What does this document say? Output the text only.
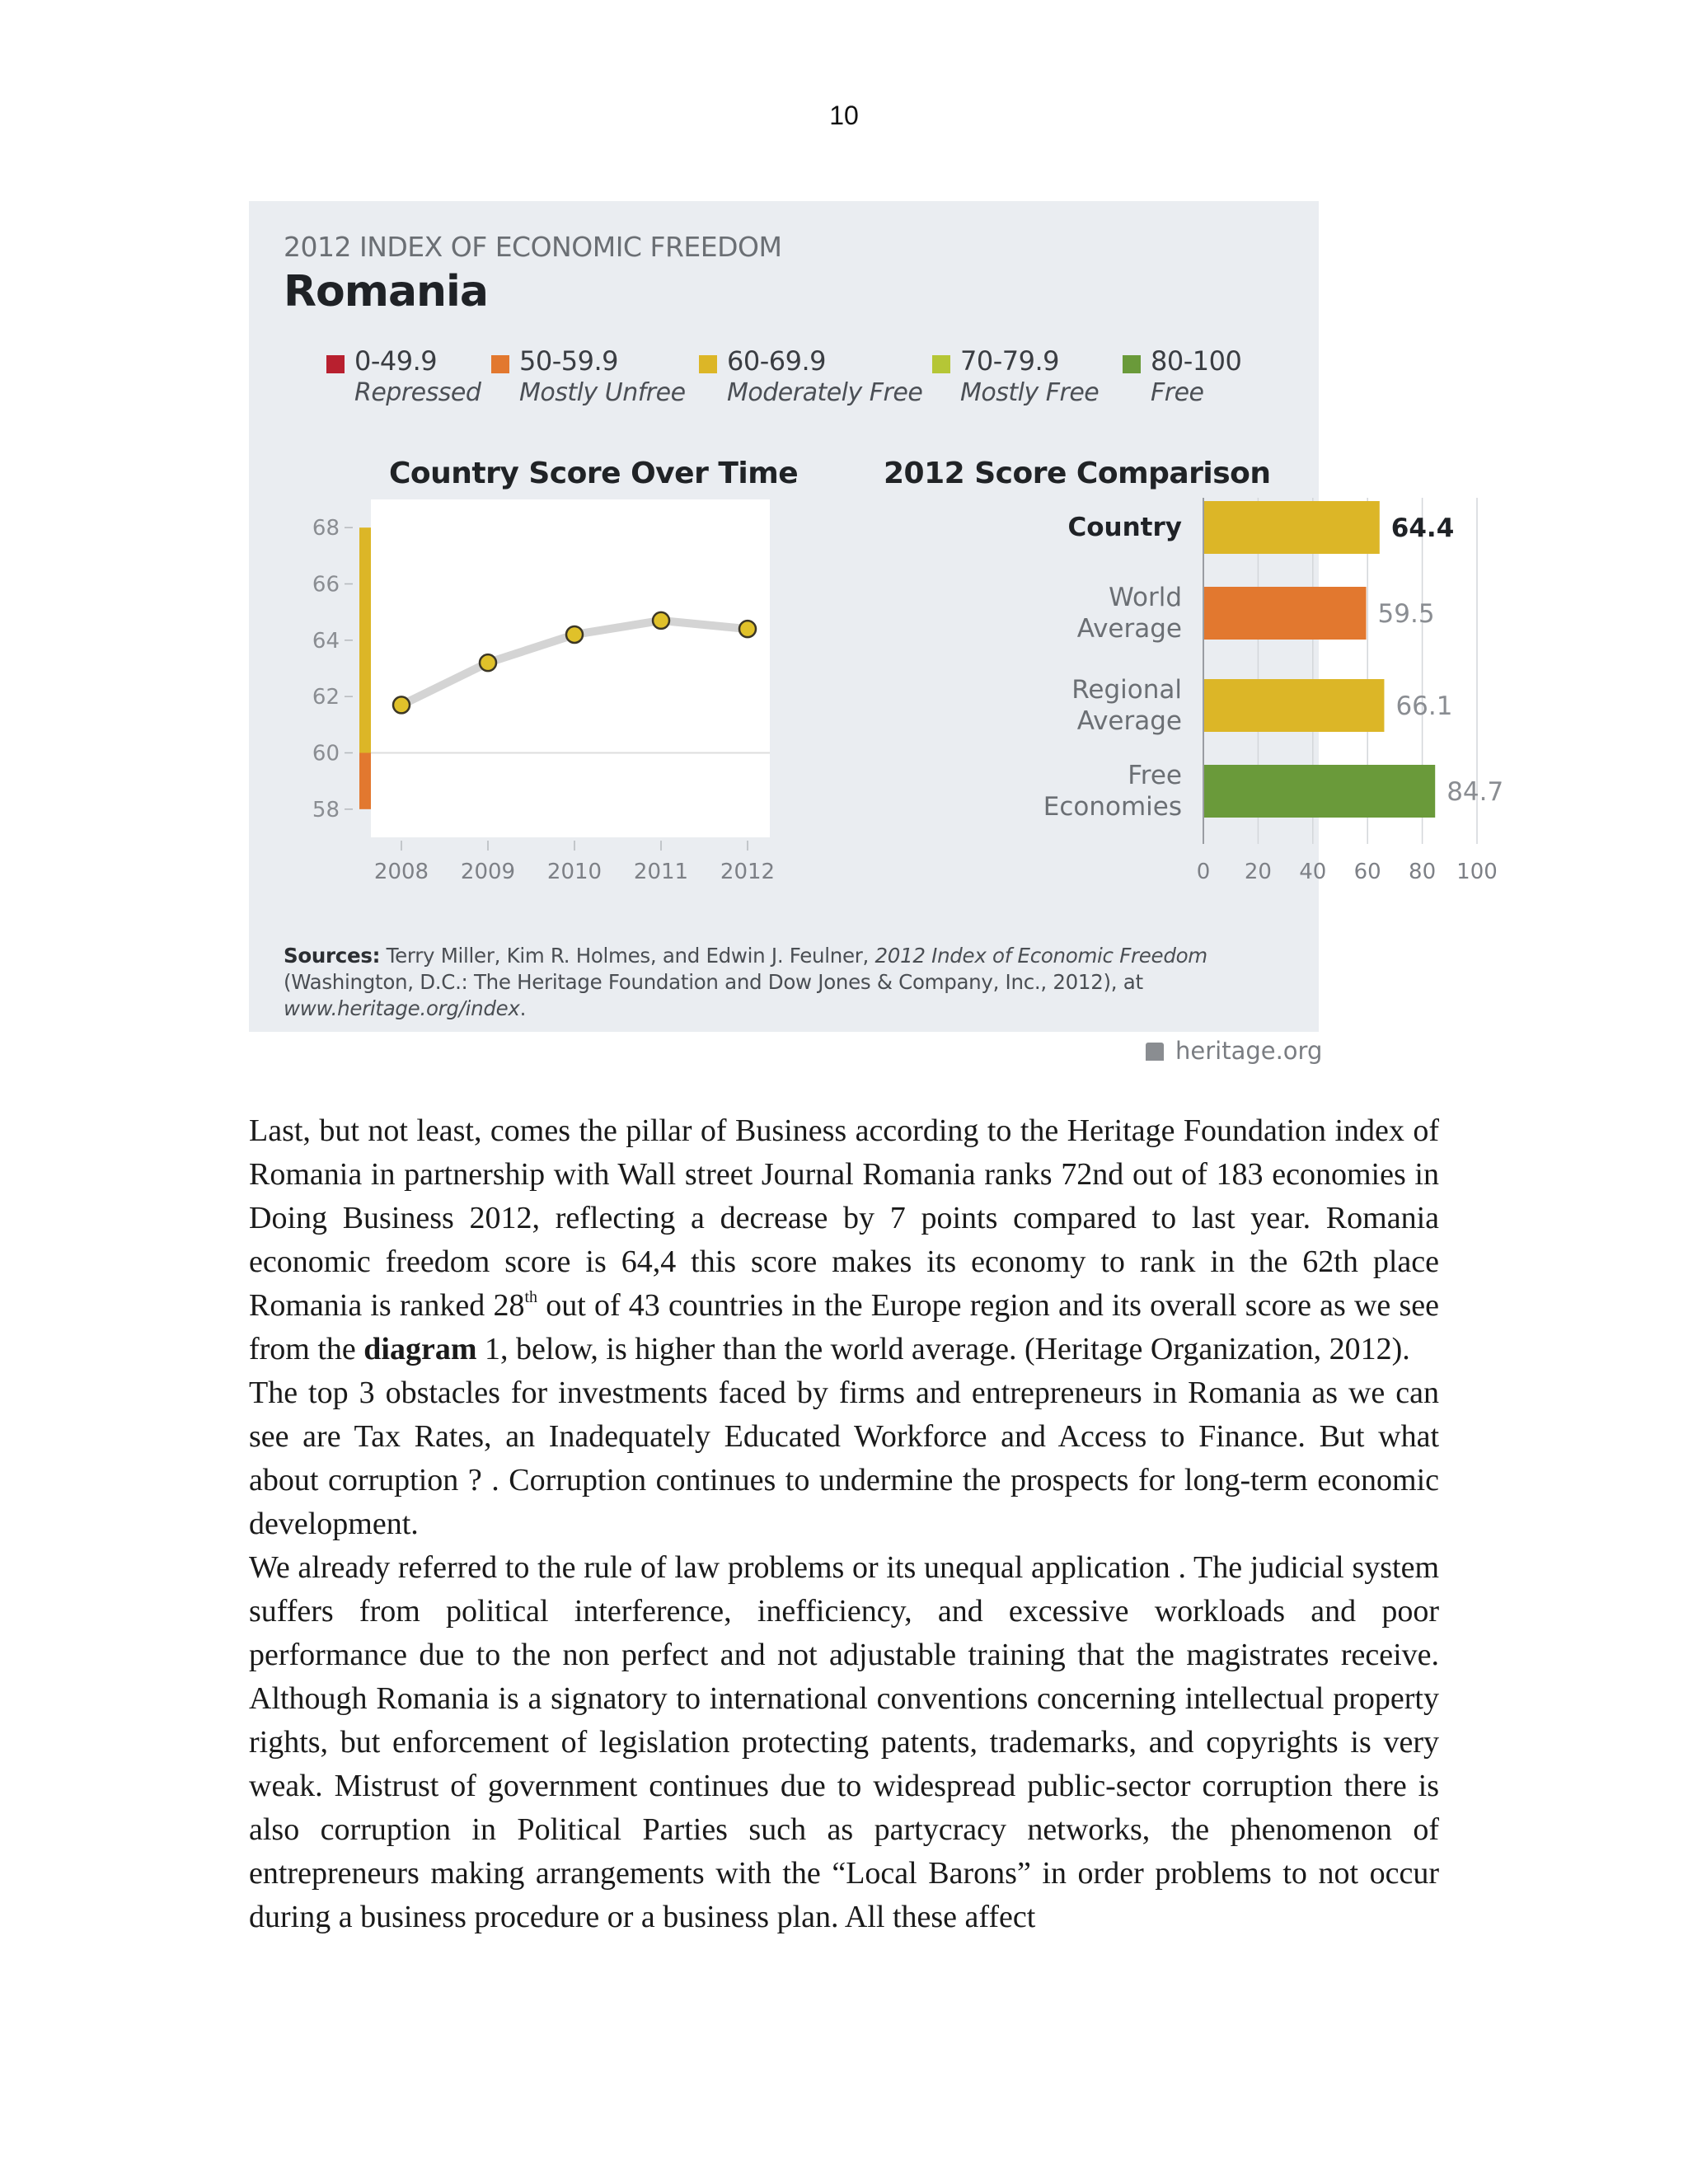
10
2012 INDEX OF ECONOMIC FREEDOM
Romania
0-49.9
Repressed
50-59.9
Mostly Unfree
60-69.9
Moderately Free
70-79.9
Mostly Free
80-100
Free
Country Score Over Time	2012 Score Comparison
68
66
64
62
60
58
2008 2009 2010 2011 2012
Country	64.4
World
Average	59.5
Regional
Average	66.1
Free
Economies	84.7
0 20 40 60 80 100
Sources: Terry Miller, Kim R. Holmes, and Edwin J. Feulner, 2012 Index of Economic Freedom (Washington, D.C.: The Heritage Foundation and Dow Jones & Company, Inc., 2012), at www.heritage.org/index.
heritage.org

Last, but not least, comes the pillar of Business according to the Heritage Foundation index of Romania in partnership with Wall street Journal Romania ranks 72nd out of 183 economies in Doing Business 2012, reflecting a decrease by 7 points compared to last year. Romania economic freedom score is 64,4 this score makes its economy to rank in the 62th place Romania is ranked 28th out of 43 countries in the Europe region and its overall score as we see from the diagram 1, below, is higher than the world average. (Heritage Organization, 2012).

The top 3 obstacles for investments faced by firms and entrepreneurs in Romania as we can see are Tax Rates, an Inadequately Educated Workforce and Access to Finance. But what about corruption ? . Corruption continues to undermine the prospects for long-term economic development.

We already referred to the rule of law problems or its unequal application . The judicial system suffers from political interference, inefficiency, and excessive workloads and poor performance due to the non perfect and not adjustable training that the magistrates receive. Although Romania is a signatory to international conventions concerning intellectual property rights, but enforcement of legislation protecting patents, trademarks, and copyrights is very weak. Mistrust of government continues due to widespread public-sector corruption there is also corruption in Political Parties such as partycracy networks, the phenomenon of entrepreneurs making arrangements with the “Local Barons” in order problems to not occur during a business procedure or a business plan. All these affect
